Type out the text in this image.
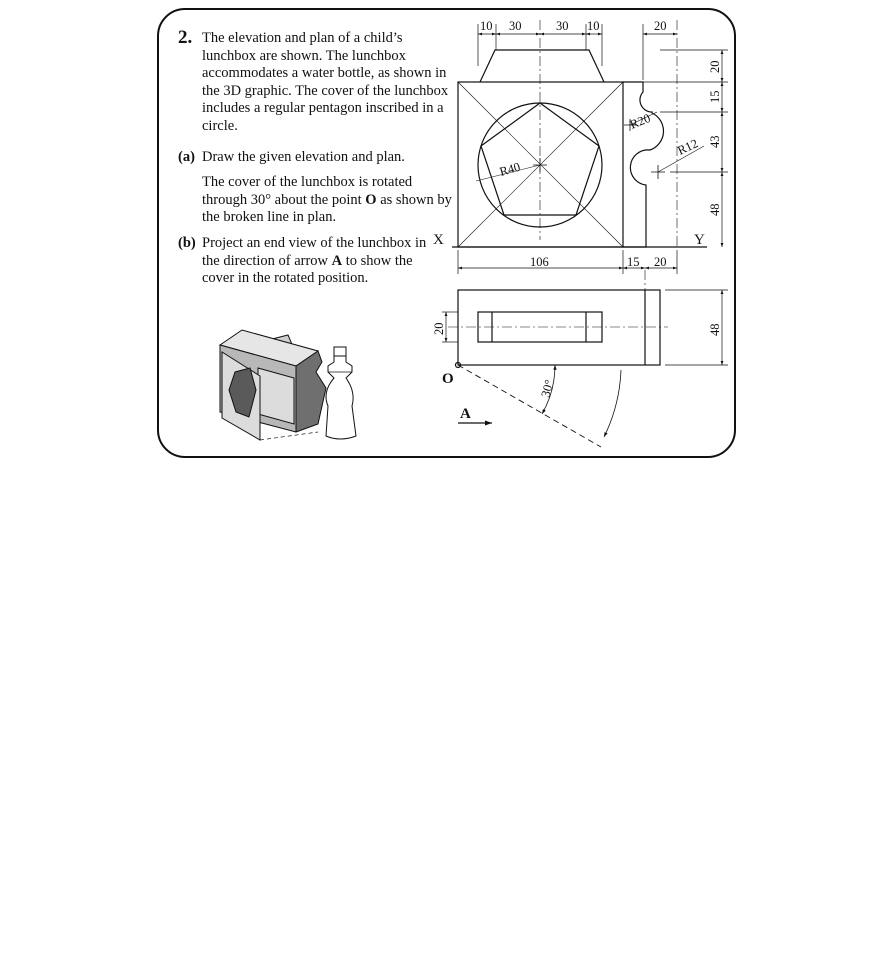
2. The elevation and plan of a child’s lunchbox are shown. The lunchbox accommodates a water bottle, as shown in the 3D graphic. The cover of the lunchbox includes a regular pentagon inscribed in a circle.
(a) Draw the given elevation and plan.
The cover of the lunchbox is rotated through 30° about the point O as shown by the broken line in plan.
(b) Project an end view of the lunchbox in the direction of arrow A to show the cover in the rotated position.
10 30	30 10	20
20
15
43
48
R20
R12
R40
106	15 20
20	48
30°
X	Y
O
A
